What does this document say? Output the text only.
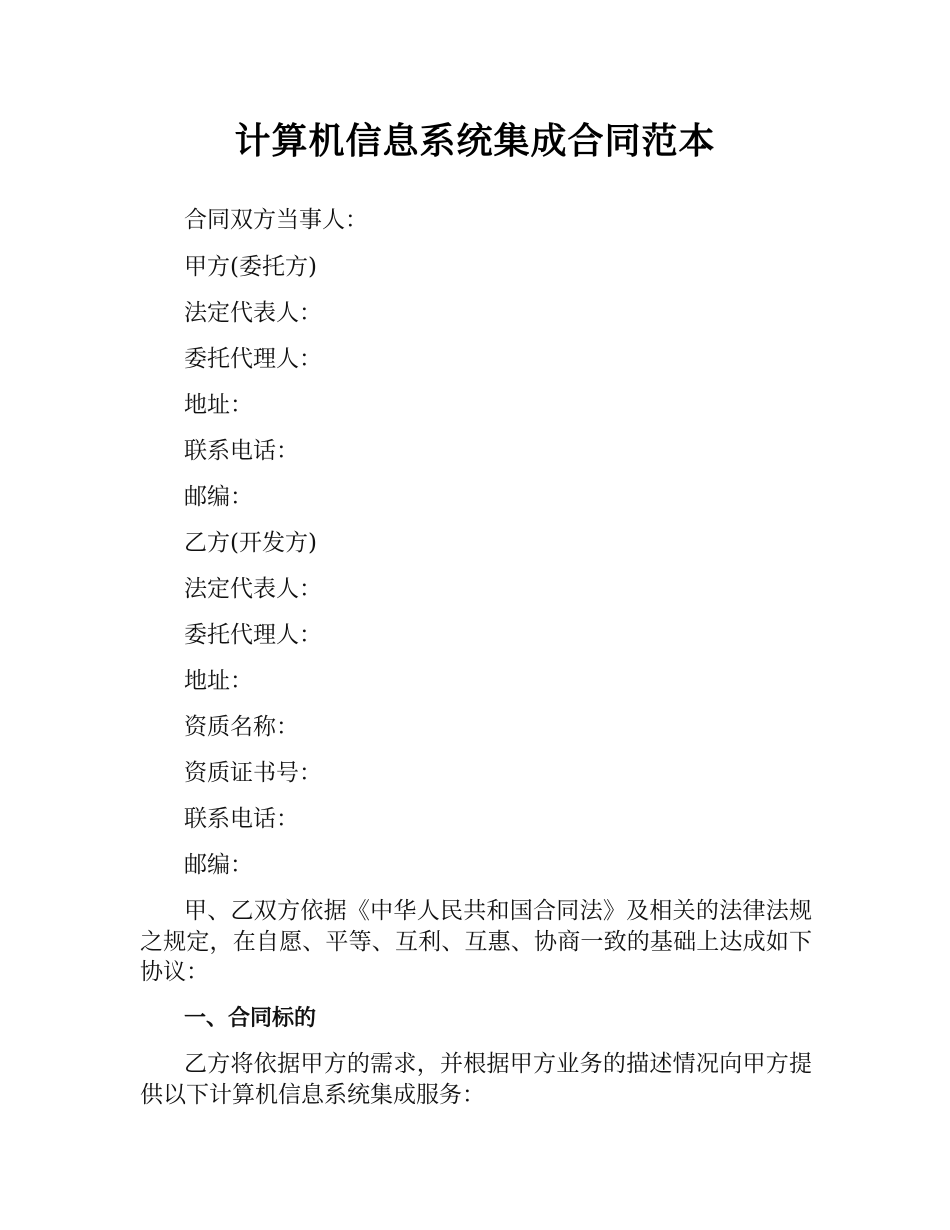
计算机信息系统集成合同范本
合同双方当事人：
甲方(委托方)
法定代表人：
委托代理人：
地址：
联系电话：
邮编：
乙方(开发方)
法定代表人：
委托代理人：
地址：
资质名称：
资质证书号：
联系电话：
邮编：
甲、乙双方依据《中华人民共和国合同法》及相关的法律法规之规定，在自愿、平等、互利、互惠、协商一致的基础上达成如下协议：
一、合同标的
乙方将依据甲方的需求，并根据甲方业务的描述情况向甲方提供以下计算机信息系统集成服务：
